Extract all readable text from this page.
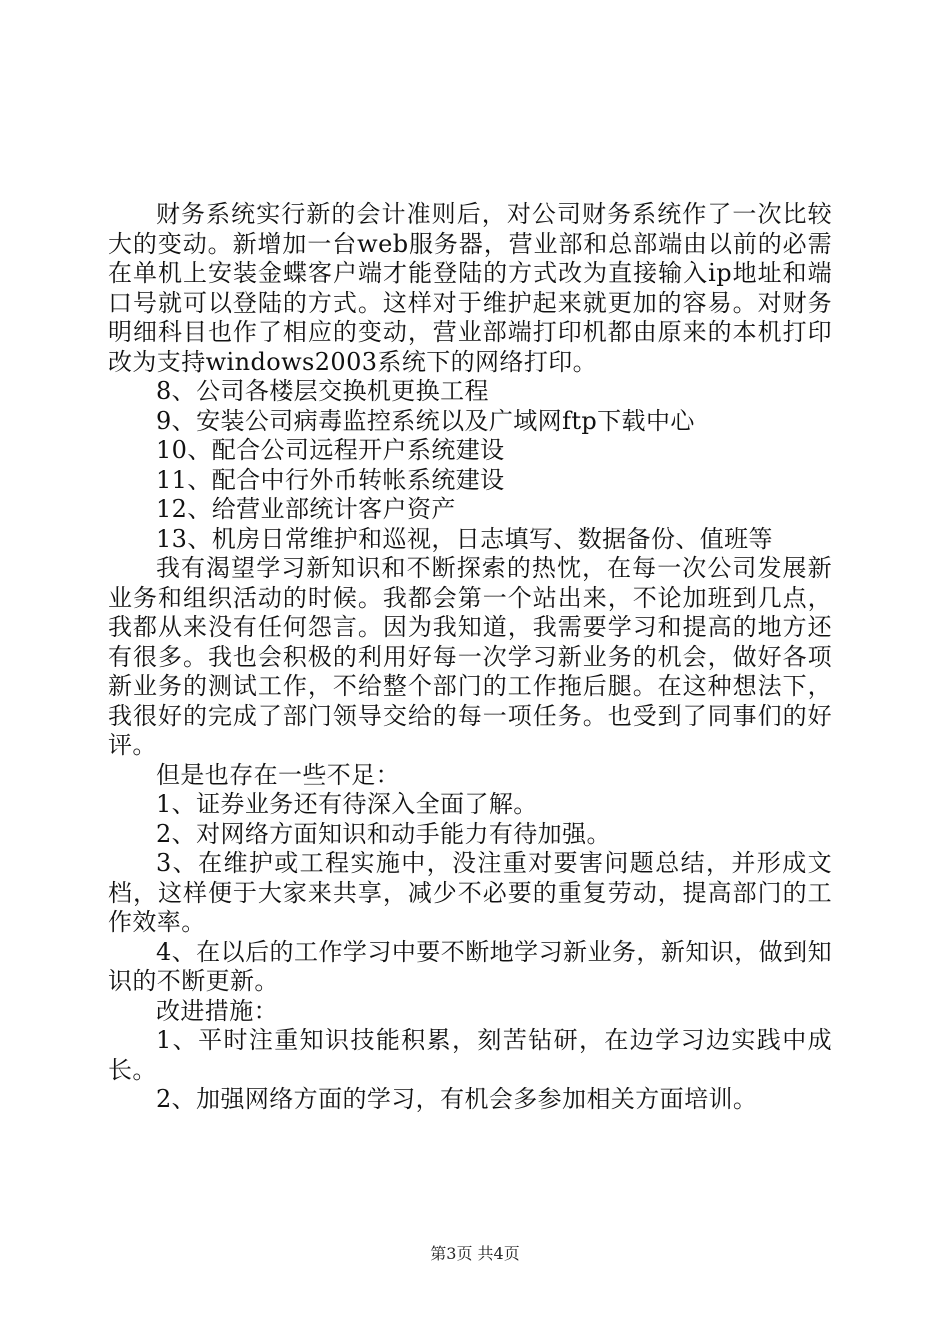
财务系统实行新的会计准则后，对公司财务系统作了一次比较大的变动。新增加一台web服务器，营业部和总部端由以前的必需在单机上安装金蝶客户端才能登陆的方式改为直接输入ip地址和端口号就可以登陆的方式。这样对于维护起来就更加的容易。对财务明细科目也作了相应的变动，营业部端打印机都由原来的本机打印改为支持windows2003系统下的网络打印。

8、公司各楼层交换机更换工程

9、安装公司病毒监控系统以及广域网ftp下载中心

10、配合公司远程开户系统建设

11、配合中行外币转帐系统建设

12、给营业部统计客户资产

13、机房日常维护和巡视，日志填写、数据备份、值班等

我有渴望学习新知识和不断探索的热忱，在每一次公司发展新业务和组织活动的时候。我都会第一个站出来，不论加班到几点，我都从来没有任何怨言。因为我知道，我需要学习和提高的地方还有很多。我也会积极的利用好每一次学习新业务的机会，做好各项新业务的测试工作，不给整个部门的工作拖后腿。在这种想法下，我很好的完成了部门领导交给的每一项任务。也受到了同事们的好评。

但是也存在一些不足：

1、证券业务还有待深入全面了解。

2、对网络方面知识和动手能力有待加强。

3、在维护或工程实施中，没注重对要害问题总结，并形成文档，这样便于大家来共享，减少不必要的重复劳动，提高部门的工作效率。

4、在以后的工作学习中要不断地学习新业务，新知识，做到知识的不断更新。

改进措施：

1、平时注重知识技能积累，刻苦钻研，在边学习边实践中成长。

2、加强网络方面的学习，有机会多参加相关方面培训。

第3页 共4页
